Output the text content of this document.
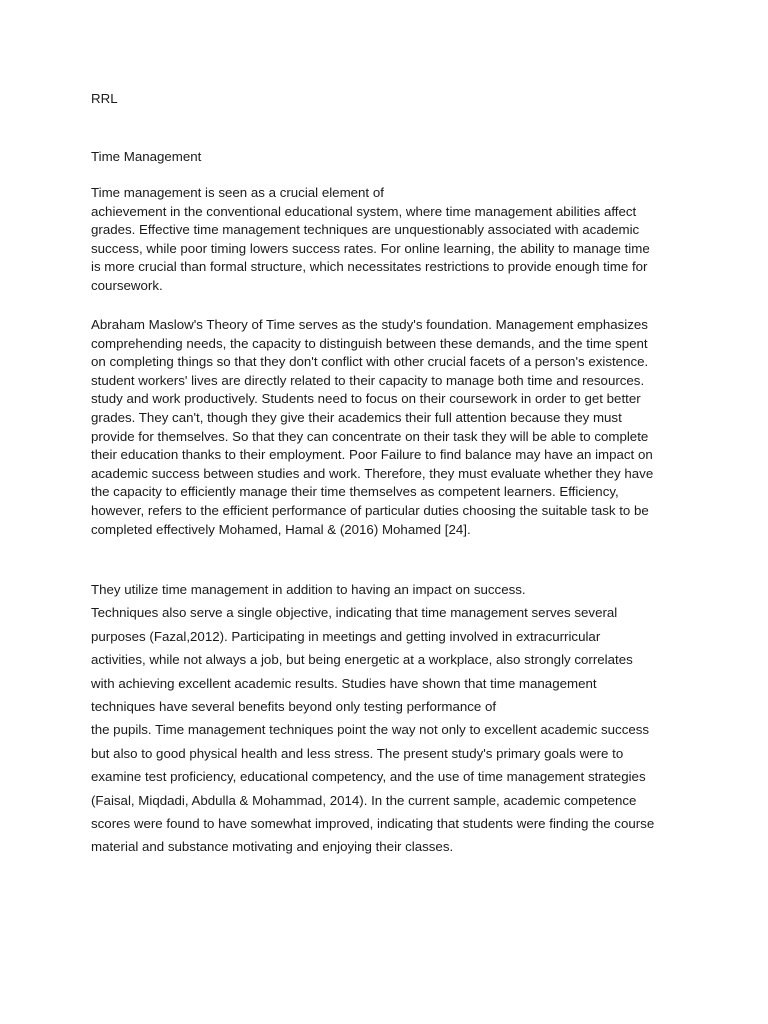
RRL
Time Management

Time management is seen as a crucial element of
achievement in the conventional educational system, where time management abilities affect
grades. Effective time management techniques are unquestionably associated with academic
success, while poor timing lowers success rates. For online learning, the ability to manage time
is more crucial than formal structure, which necessitates restrictions to provide enough time for
coursework.

Abraham Maslow's Theory of Time serves as the study's foundation. Management emphasizes
comprehending needs, the capacity to distinguish between these demands, and the time spent
on completing things so that they don't conflict with other crucial facets of a person's existence.
student workers' lives are directly related to their capacity to manage both time and resources.
study and work productively. Students need to focus on their coursework in order to get better
grades. They can't, though they give their academics their full attention because they must
provide for themselves. So that they can concentrate on their task they will be able to complete
their education thanks to their employment. Poor Failure to find balance may have an impact on
academic success between studies and work. Therefore, they must evaluate whether they have
the capacity to efficiently manage their time themselves as competent learners. Efficiency,
however, refers to the efficient performance of particular duties choosing the suitable task to be
completed effectively Mohamed, Hamal & (2016) Mohamed [24].

They utilize time management in addition to having an impact on success.
Techniques also serve a single objective, indicating that time management serves several
purposes (Fazal,2012). Participating in meetings and getting involved in extracurricular
activities, while not always a job, but being energetic at a workplace, also strongly correlates
with achieving excellent academic results. Studies have shown that time management
techniques have several benefits beyond only testing performance of
the pupils. Time management techniques point the way not only to excellent academic success
but also to good physical health and less stress. The present study's primary goals were to
examine test proficiency, educational competency, and the use of time management strategies
(Faisal, Miqdadi, Abdulla & Mohammad, 2014). In the current sample, academic competence
scores were found to have somewhat improved, indicating that students were finding the course
material and substance motivating and enjoying their classes.
